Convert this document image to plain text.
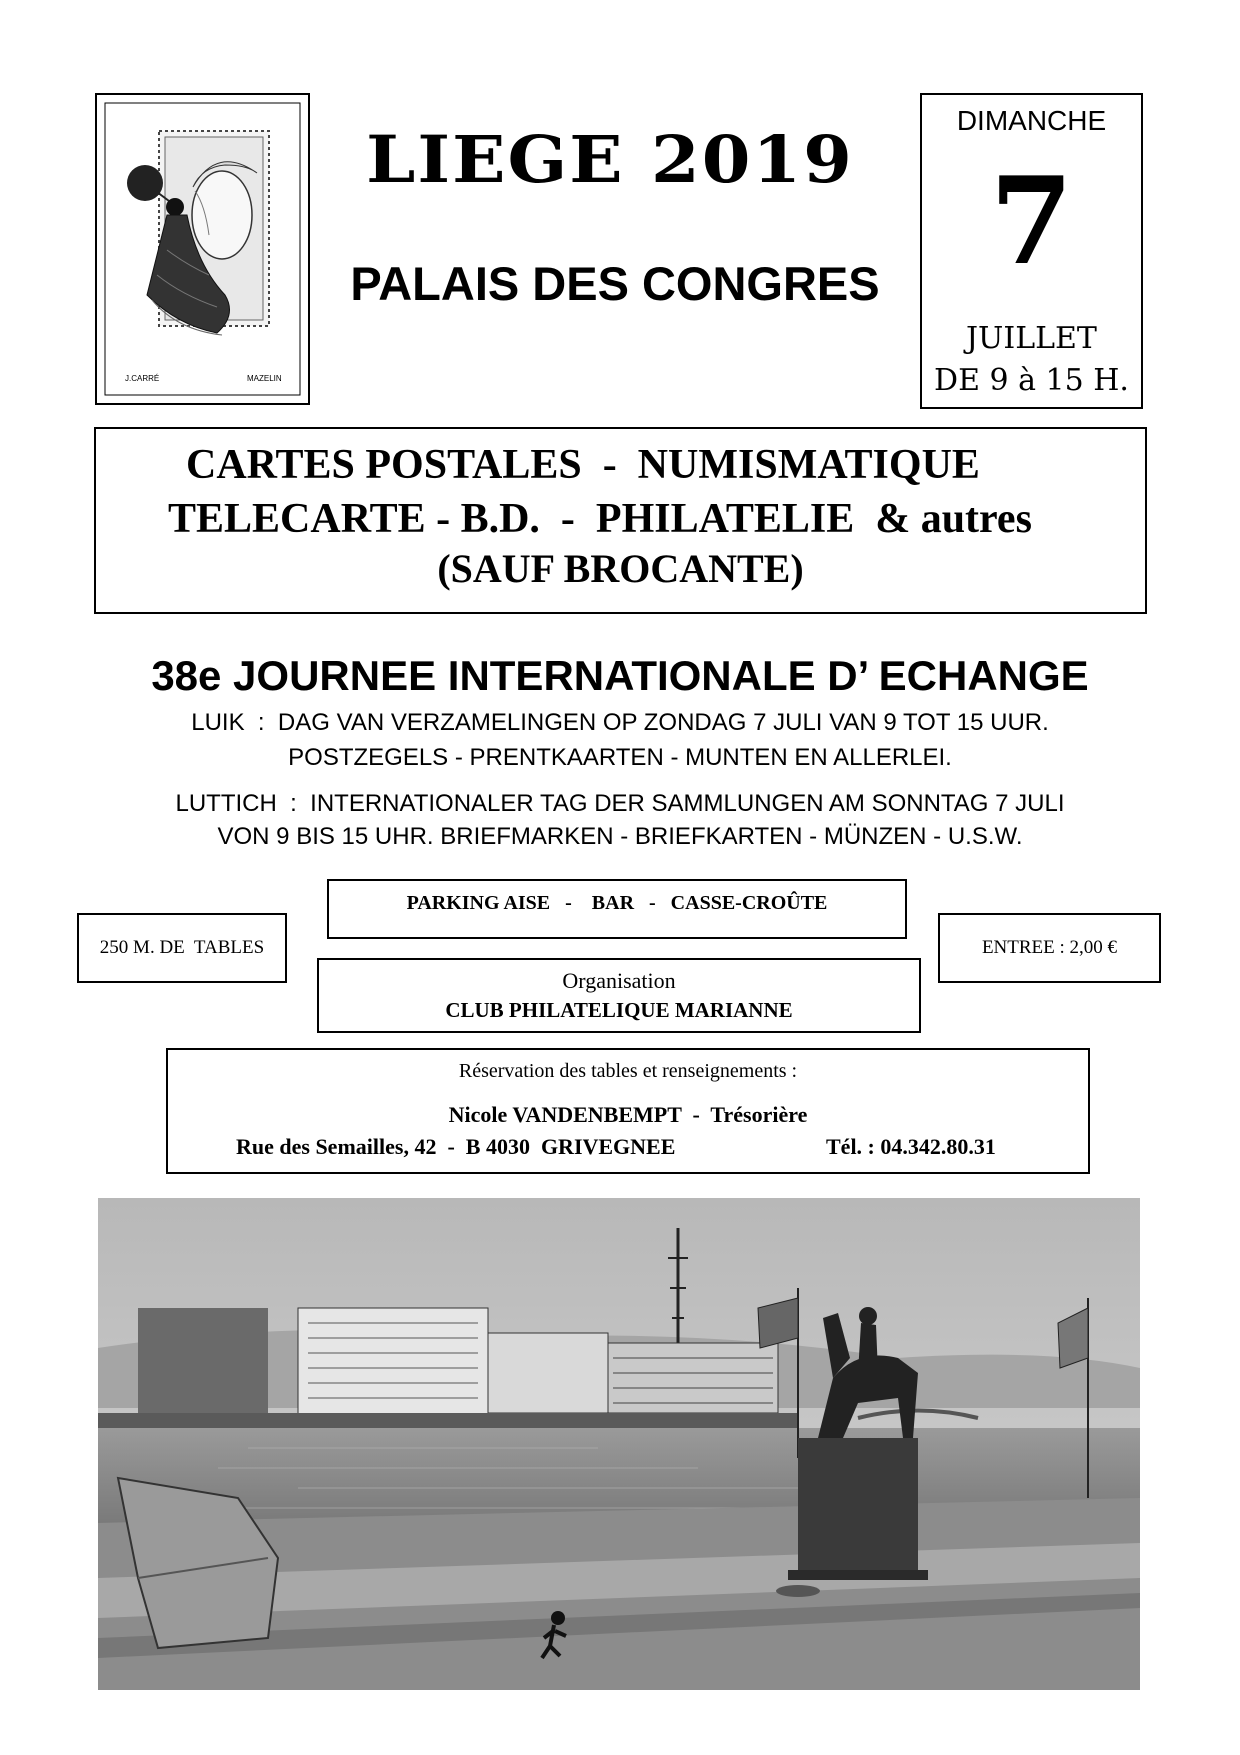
J.CARRÉ	MAZELIN
LIEGE 2019
PALAIS DES CONGRES
DIMANCHE
7
JUILLET
DE 9 à 15 H.
CARTES POSTALES  -  NUMISMATIQUE
TELECARTE - B.D.  -  PHILATELIE  & autres
(SAUF BROCANTE)
38e JOURNEE INTERNATIONALE D’ ECHANGE
LUIK  :  DAG VAN VERZAMELINGEN OP ZONDAG 7 JULI VAN 9 TOT 15 UUR.
POSTZEGELS - PRENTKAARTEN - MUNTEN EN ALLERLEI.
LUTTICH  :  INTERNATIONALER TAG DER SAMMLUNGEN AM SONNTAG 7 JULI
VON 9 BIS 15 UHR. BRIEFMARKEN - BRIEFKARTEN - MÜNZEN - U.S.W.
PARKING AISE   -    BAR   -   CASSE-CROÛTE
250 M. DE  TABLES	ENTREE : 2,00 €
Organisation
CLUB PHILATELIQUE MARIANNE
Réservation des tables et renseignements :
Nicole VANDENBEMPT  -  Trésorière
Rue des Semailles, 42  -  B 4030  GRIVEGNEE	Tél. : 04.342.80.31
